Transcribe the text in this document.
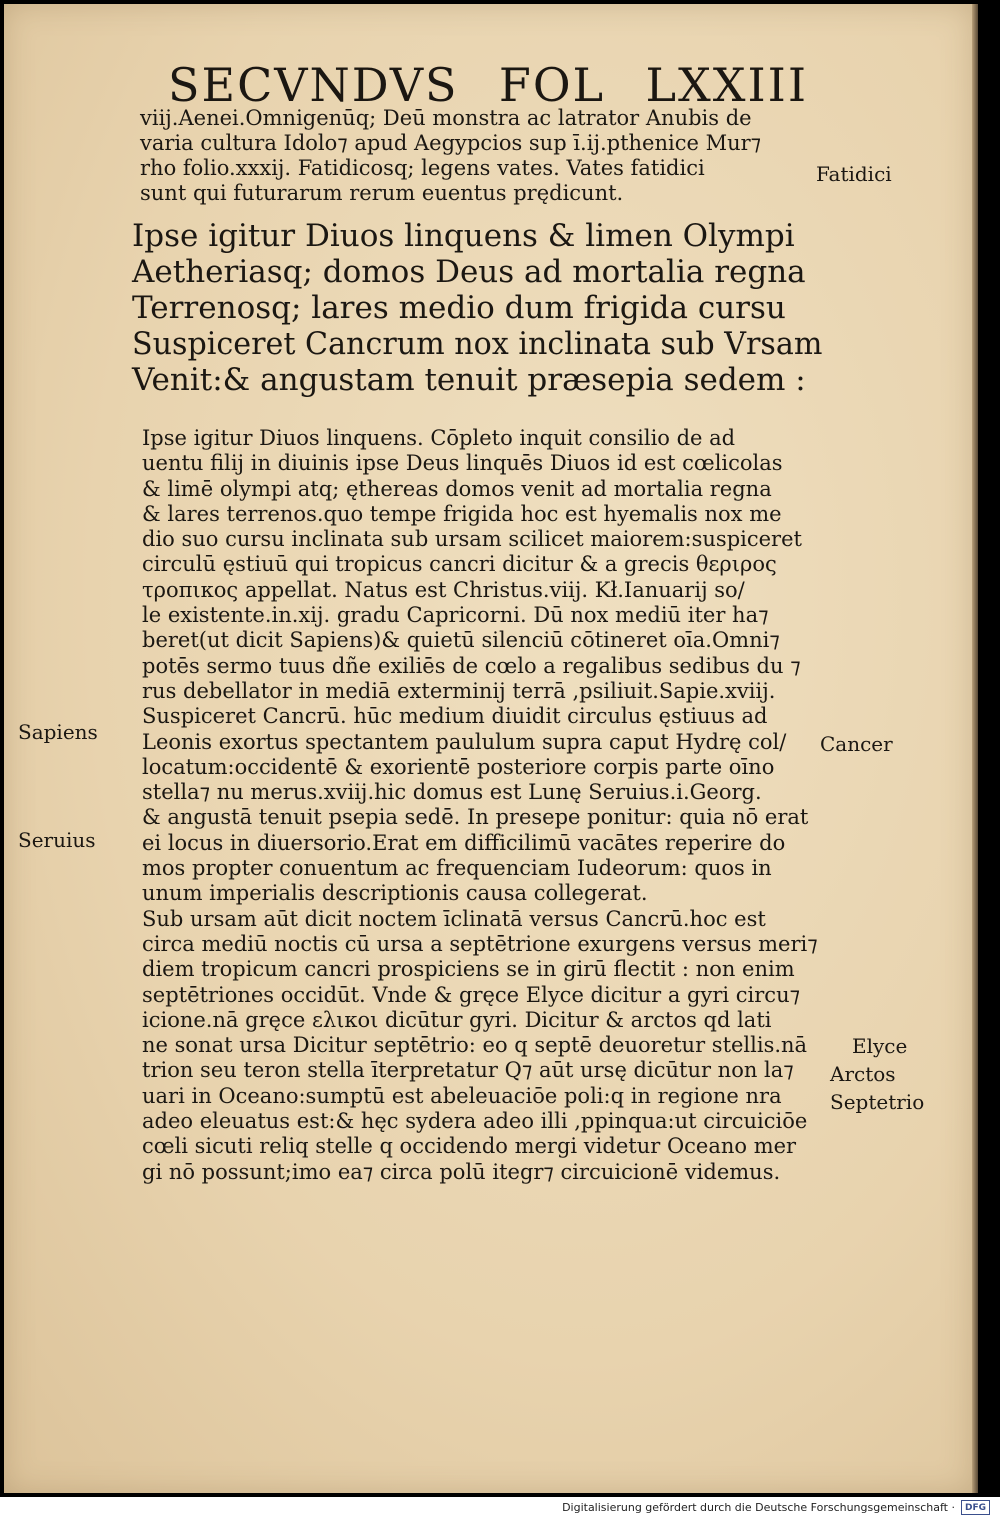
SECVNDVS FOL LXXIII
viij.Aenei.Omnigenūq; Deū monstra ac latrator Anubis de
varia cultura Idolo⁊ apud Aegypcios sup ī.ij.pthenice Mur⁊
rho folio.xxxij. Fatidicosq; legens vates. Vates fatidici
sunt qui futurarum rerum euentus prędicunt.
Ipse igitur Diuos linquens & limen Olympi
Aetheriasq; domos Deus ad mortalia regna
Terrenosq; lares medio dum frigida cursu
Suspiceret Cancrum nox inclinata sub Vrsam
Venit:& angustam tenuit præsepia sedem :
Ipse igitur Diuos linquens. Cōpleto inquit consilio de ad
uentu filij in diuinis ipse Deus linquēs Diuos id est cœlicolas
& limē olympi atq; ęthereas domos venit ad mortalia regna
& lares terrenos.quo tempe frigida hoc est hyemalis nox me
dio suo cursu inclinata sub ursam scilicet maiorem:suspiceret
circulū ęstiuū qui tropicus cancri dicitur & a grecis θεριρος
τροπικος appellat. Natus est Christus.viij. Kł.Ianuarij so/
le existente.in.xij. gradu Capricorni. Dū nox mediū iter ha⁊
beret(ut dicit Sapiens)& quietū silenciū cōtineret oīa.Omni⁊
potēs sermo tuus dñe exiliēs de cœlo a regalibus sedibus du ⁊
rus debellator in mediā exterminij terrā ,psiliuit.Sapie.xviij.
Suspiceret Cancrū. hūc medium diuidit circulus ęstiuus ad
Leonis exortus spectantem paululum supra caput Hydrę col/
locatum:occidentē & exorientē posteriore corpis parte oīno
stella⁊ nu merus.xviij.hic domus est Lunę Seruius.i.Georg.
& angustā tenuit psepia sedē. In presepe ponitur: quia nō erat
ei locus in diuersorio.Erat em difficilimū vacātes reperire do
mos propter conuentum ac frequenciam Iudeorum: quos in
unum imperialis descriptionis causa collegerat.
Sub ursam aūt dicit noctem īclinatā versus Cancrū.hoc est
circa mediū noctis cū ursa a septētrione exurgens versus meri⁊
diem tropicum cancri prospiciens se in girū flectit : non enim
septētriones occidūt. Vnde & gręce Elyce dicitur a gyri circu⁊
icione.nā gręce ελικοι dicūtur gyri. Dicitur & arctos qd lati
ne sonat ursa Dicitur septētrio: eo q septē deuoretur stellis.nā
trion seu teron stella īterpretatur Q⁊ aūt ursę dicūtur non la⁊
uari in Oceano:sumptū est abeleuaciōe poli:q in regione nra
adeo eleuatus est:& hęc sydera adeo illi ,ppinqua:ut circuiciōe
cœli sicuti reliq stelle q occidendo mergi videtur Oceano mer
gi nō possunt;imo ea⁊ circa polū itegr⁊ circuicionē videmus.
Fatidici
Sapiens	Cancer
Seruius
Elyce
Arctos
Septetrio
Digitalisierung gefördert durch die Deutsche Forschungsgemeinschaft ·	DFG
